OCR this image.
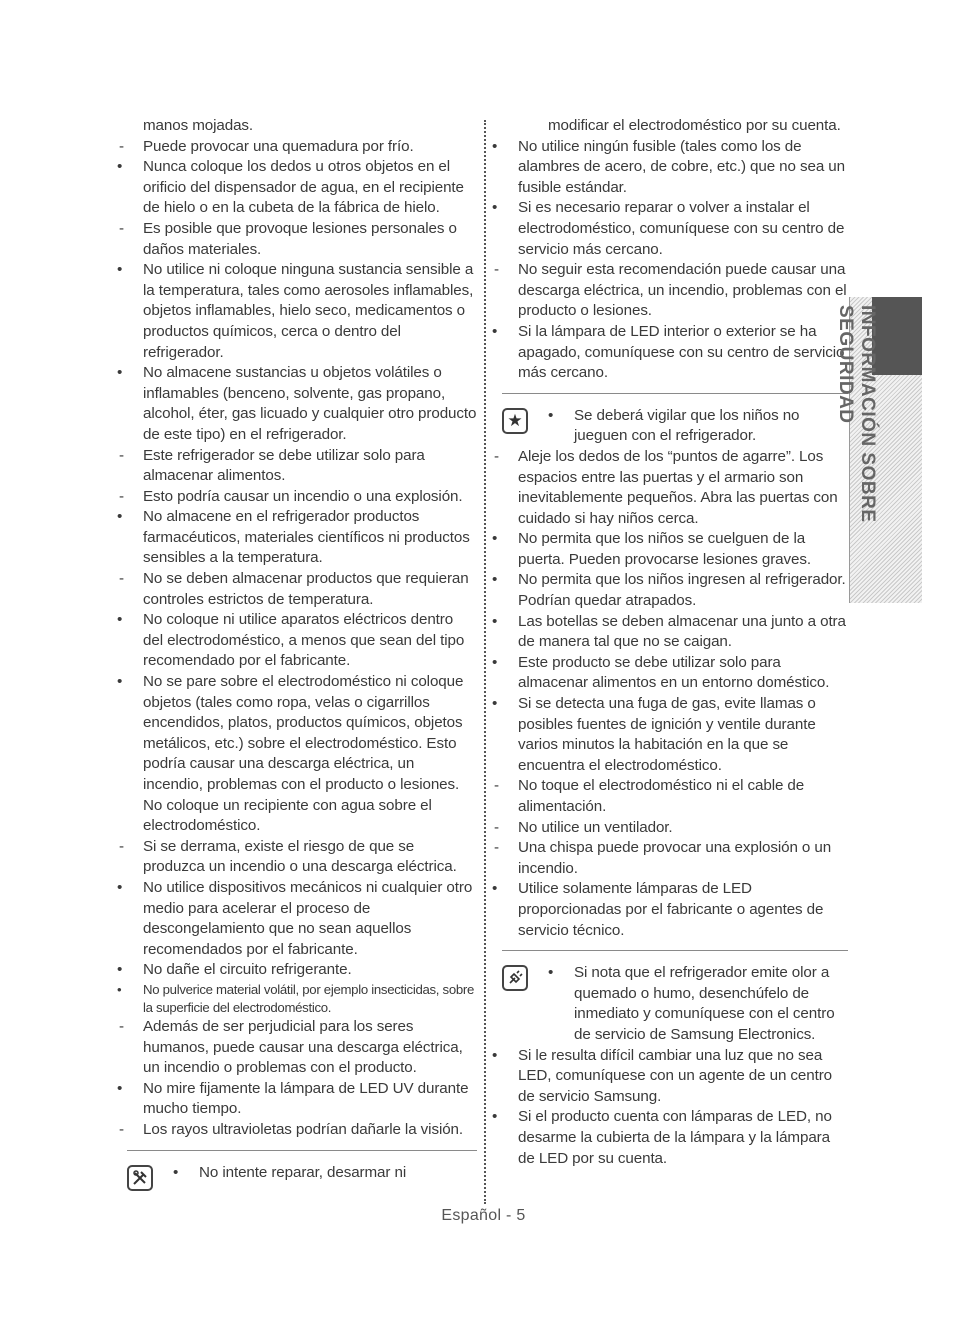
manos mojadas.
-	Puede provocar una quemadura por frío.
•	Nunca coloque los dedos u otros objetos en el orificio del dispensador de agua, en el recipiente de hielo o en la cubeta de la fábrica de hielo.
-	Es posible que provoque lesiones personales o daños materiales.
•	No utilice ni coloque ninguna sustancia sensible a la temperatura, tales como aerosoles inflamables, objetos inflamables, hielo seco, medicamentos o productos químicos, cerca o dentro del refrigerador.
•	No almacene sustancias u objetos volátiles o inflamables (benceno, solvente, gas propano, alcohol, éter, gas licuado y cualquier otro producto de este tipo) en el refrigerador.
-	Este refrigerador se debe utilizar solo para almacenar alimentos.
-	Esto podría causar un incendio o una explosión.
•	No almacene en el refrigerador productos farmacéuticos, materiales científicos ni productos sensibles a la temperatura.
-	No se deben almacenar productos que requieran controles estrictos de temperatura.
•	No coloque ni utilice aparatos eléctricos dentro del electrodoméstico, a menos que sean del tipo recomendado por el fabricante.
•	No se pare sobre el electrodoméstico ni coloque objetos (tales como ropa, velas o cigarrillos encendidos, platos, productos químicos, objetos metálicos, etc.) sobre el electrodoméstico. Esto podría causar una descarga eléctrica, un incendio, problemas con el producto o lesiones. No coloque un recipiente con agua sobre el electrodoméstico.
-	Si se derrama, existe el riesgo de que se produzca un incendio o una descarga eléctrica.
•	No utilice dispositivos mecánicos ni cualquier otro medio para acelerar el proceso de descongelamiento que no sean aquellos recomendados por el fabricante.
•	No dañe el circuito refrigerante.
•	No pulverice material volátil, por ejemplo insecticidas, sobre la superficie del electrodoméstico.
-	Además de ser perjudicial para los seres humanos, puede causar una descarga eléctrica, un incendio o problemas con el producto.
•	No mire fijamente la lámpara de LED UV durante mucho tiempo.
-	Los rayos ultravioletas podrían dañarle la visión.
•	No intente reparar, desarmar ni
modificar el electrodoméstico por su cuenta.
•	No utilice ningún fusible (tales como los de alambres de acero, de cobre, etc.) que no sea un fusible estándar.
•	Si es necesario reparar o volver a instalar el electrodoméstico, comuníquese con su centro de servicio más cercano.
-	No seguir esta recomendación puede causar una descarga eléctrica, un incendio, problemas con el producto o lesiones.
•	Si la lámpara de LED interior o exterior se ha apagado, comuníquese con su centro de servicio más cercano.
★	•	Se deberá vigilar que los niños no jueguen con el refrigerador.
-	Aleje los dedos de los “puntos de agarre”. Los espacios entre las puertas y el armario son inevitablemente pequeños. Abra las puertas con cuidado si hay niños cerca.
•	No permita que los niños se cuelguen de la puerta. Pueden provocarse lesiones graves.
•	No permita que los niños ingresen al refrigerador. Podrían quedar atrapados.
•	Las botellas se deben almacenar una junto a otra de manera tal que no se caigan.
•	Este producto se debe utilizar solo para almacenar alimentos en un entorno doméstico.
•	Si se detecta una fuga de gas, evite llamas o posibles fuentes de ignición y ventile durante varios minutos la habitación en la que se encuentra el electrodoméstico.
-	No toque el electrodoméstico ni el cable de alimentación.
-	No utilice un ventilador.
-	Una chispa puede provocar una explosión o un incendio.
•	Utilice solamente lámparas de LED proporcionadas por el fabricante o agentes de servicio técnico.
•	Si nota que el refrigerador emite olor a quemado o humo, desenchúfelo de inmediato y comuníquese con el centro de servicio de Samsung Electronics.
•	Si le resulta difícil cambiar una luz que no sea LED, comuníquese con un agente de un centro de servicio Samsung.
•	Si el producto cuenta con lámparas de LED, no desarme la cubierta de la lámpara y la lámpara de LED por su cuenta.
INFORMACIÓN SOBRE SEGURIDAD
Español - 5
